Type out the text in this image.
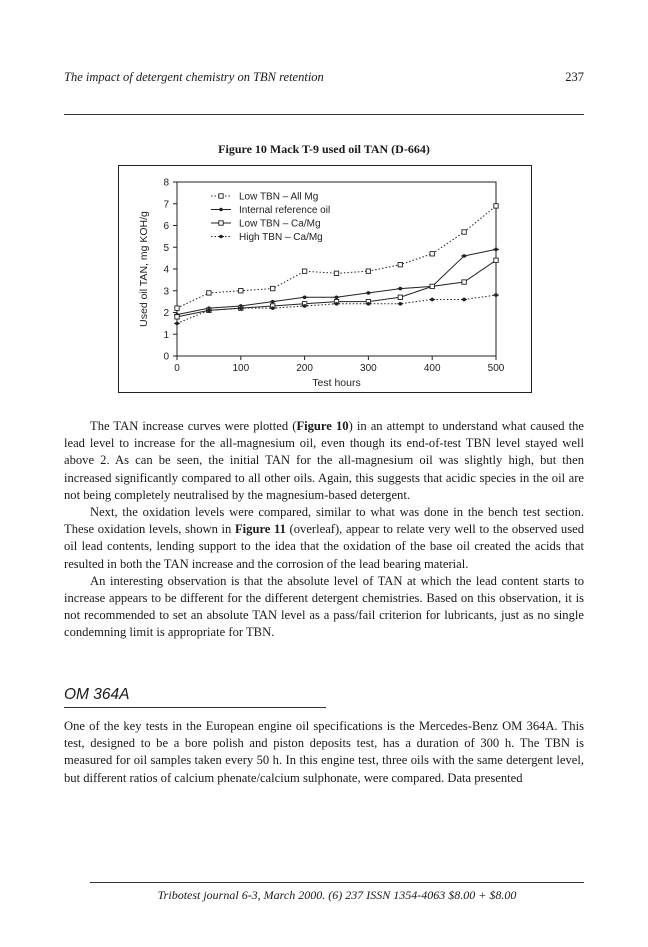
The impact of detergent chemistry on TBN retention	237
Figure 10 Mack T-9 used oil TAN (D-664)
0	100	200	300	400	500
0
1
2
3
4
5
6
7
8
Test hours
Used oil TAN, mg KOH/g
Low TBN – All Mg
Internal reference oil
Low TBN – Ca/Mg
High TBN – Ca/Mg

The TAN increase curves were plotted (Figure 10) in an attempt to understand what caused the lead level to increase for the all-magnesium oil, even though its end-of-test TBN level stayed well above 2. As can be seen, the initial TAN for the all-magnesium oil was slightly high, but then increased significantly compared to all other oils. Again, this suggests that acidic species in the oil are not being completely neutralised by the magnesium-based detergent.

Next, the oxidation levels were compared, similar to what was done in the bench test section. These oxidation levels, shown in Figure 11 (overleaf), appear to relate very well to the observed used oil lead contents, lending support to the idea that the oxidation of the base oil created the acids that resulted in both the TAN increase and the corrosion of the lead bearing material.

An interesting observation is that the absolute level of TAN at which the lead content starts to increase appears to be different for the different detergent chemistries. Based on this observation, it is not recommended to set an absolute TAN level as a pass/fail criterion for lubricants, just as no single condemning limit is appropriate for TBN.

OM 364A

One of the key tests in the European engine oil specifications is the Mercedes-Benz OM 364A. This test, designed to be a bore polish and piston deposits test, has a duration of 300 h. The TBN is measured for oil samples taken every 50 h. In this engine test, three oils with the same detergent level, but different ratios of calcium phenate/calcium sulphonate, were compared. Data presented

Tribotest journal 6-3, March 2000. (6) 237 ISSN 1354-4063 $8.00 + $8.00
